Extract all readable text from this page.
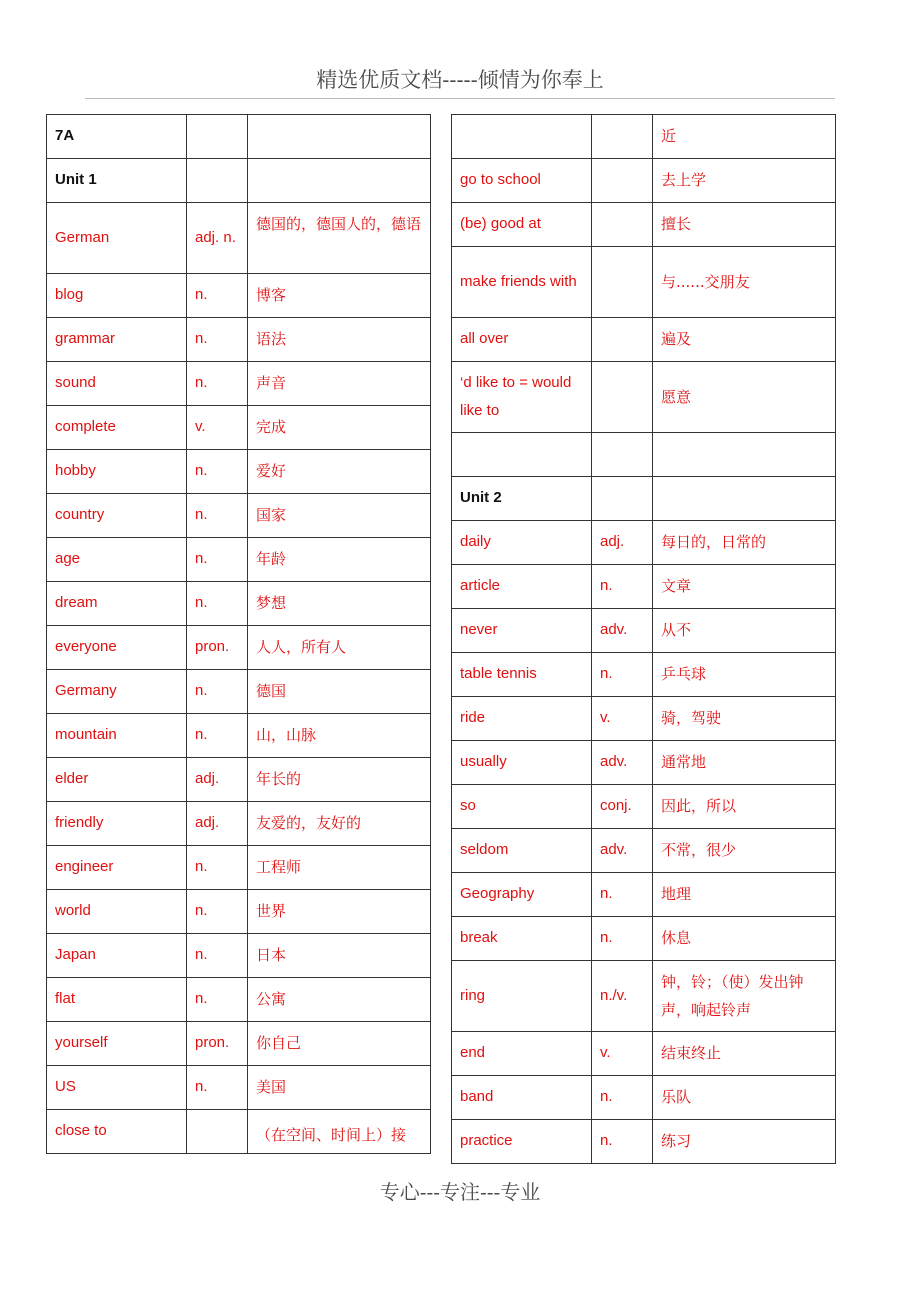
精选优质文档-----倾情为你奉上
7A		
Unit 1		
German	adj. n.	德国的，德国人的，德语
blog	n.	博客
grammar	n.	语法
sound	n.	声音
complete	v.	完成
hobby	n.	爱好
country	n.	国家
age	n.	年龄
dream	n.	梦想
everyone	pron.	人人，所有人
Germany	n.	德国
mountain	n.	山，山脉
elder	adj.	年长的
friendly	adj.	友爱的，友好的
engineer	n.	工程师
world	n.	世界
Japan	n.	日本
flat	n.	公寓
yourself	pron.	你自己
US	n.	美国
close to		（在空间、时间上）接
		近
go to school		去上学
(be) good at		擅长
make friends with		与......交朋友
all over		遍及
‘d like to = would like to		愿意

Unit 2		
daily	adj.	每日的，日常的
article	n.	文章
never	adv.	从不
table tennis	n.	乒乓球
ride	v.	骑，驾驶
usually	adv.	通常地
so	conj.	因此，所以
seldom	adv.	不常，很少
Geography	n.	地理
break	n.	休息
ring	n./v.	钟，铃；（使）发出钟声，响起铃声
end	v.	结束终止
band	n.	乐队
practice	n.	练习
专心---专注---专业
